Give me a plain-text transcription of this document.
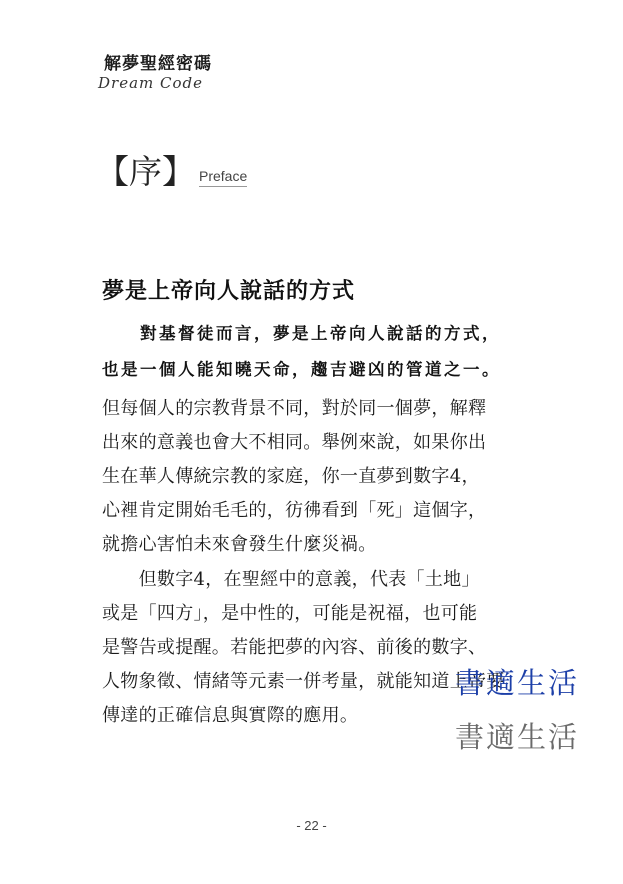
解夢聖經密碼
Dream Code
【序】 Preface
夢是上帝向人說話的方式
對基督徒而言，夢是上帝向人說話的方式，
也是一個人能知曉天命，趨吉避凶的管道之一。
但每個人的宗教背景不同，對於同一個夢，解釋
出來的意義也會大不相同。舉例來說，如果你出
生在華人傳統宗教的家庭，你一直夢到數字4，
心裡肯定開始毛毛的，彷彿看到「死」這個字，
就擔心害怕未來會發生什麼災禍。
　　但數字4，在聖經中的意義，代表「土地」
或是「四方」，是中性的，可能是祝福，也可能
是警告或提醒。若能把夢的內容、前後的數字、
人物象徵、情緒等元素一併考量，就能知道上帝要
傳達的正確信息與實際的應用。
書適生活
書適生活
- 22 -
